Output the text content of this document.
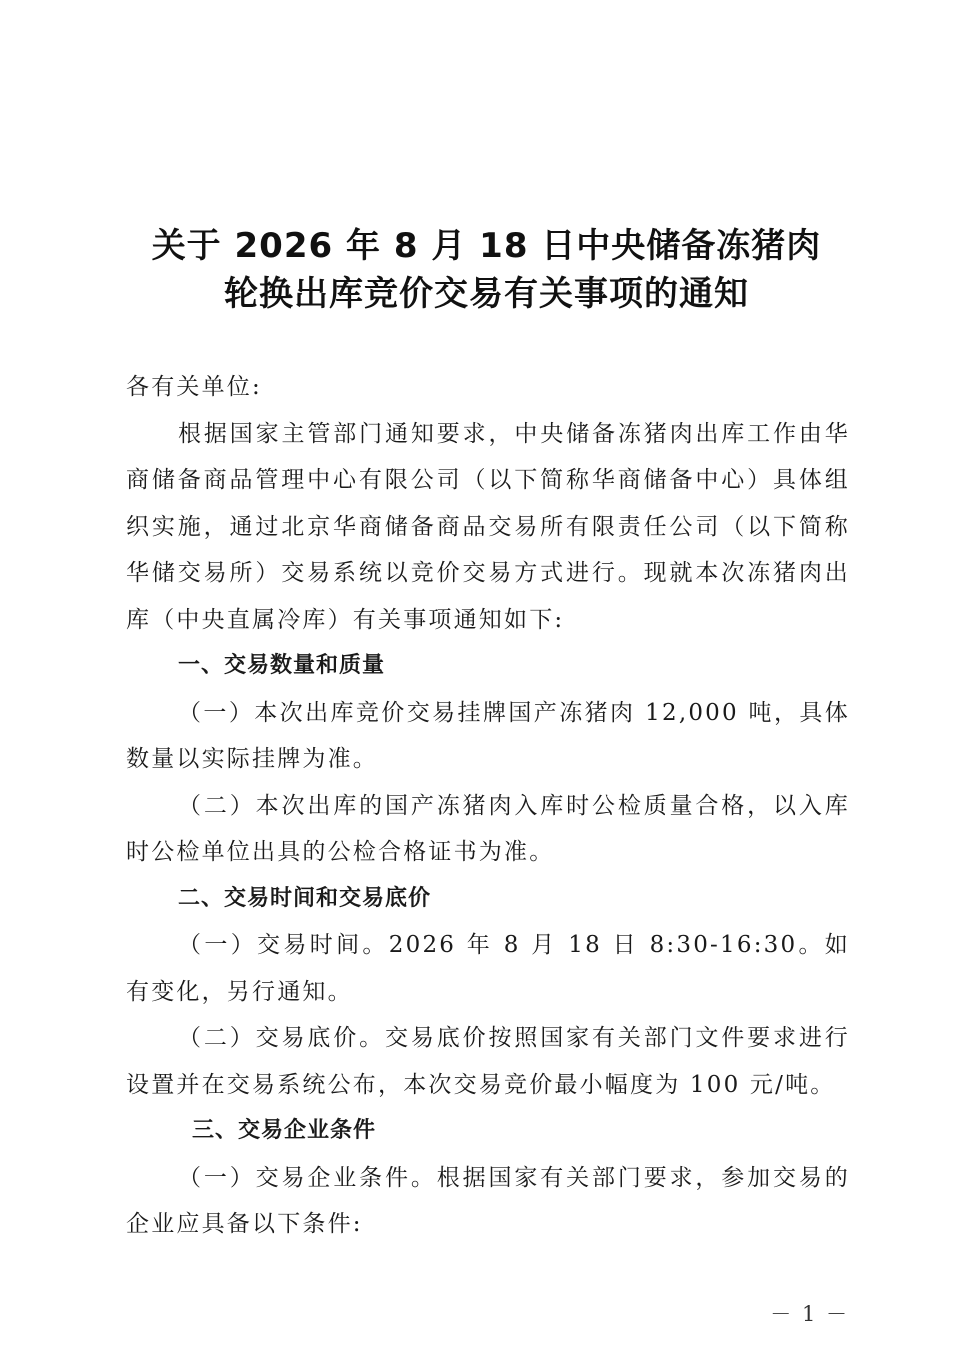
关于 2026 年 8 月 18 日中央储备冻猪肉
轮换出库竞价交易有关事项的通知

各有关单位:

根据国家主管部门通知要求，中央储备冻猪肉出库工作由华商储备商品管理中心有限公司（以下简称华商储备中心）具体组织实施，通过北京华商储备商品交易所有限责任公司（以下简称华储交易所）交易系统以竞价交易方式进行。现就本次冻猪肉出库（中央直属冷库）有关事项通知如下:

一、交易数量和质量

（一）本次出库竞价交易挂牌国产冻猪肉 12,000 吨，具体数量以实际挂牌为准。

（二）本次出库的国产冻猪肉入库时公检质量合格，以入库时公检单位出具的公检合格证书为准。

二、交易时间和交易底价

（一）交易时间。2026 年 8 月 18 日 8:30-16:30。如有变化，另行通知。

（二）交易底价。交易底价按照国家有关部门文件要求进行设置并在交易系统公布，本次交易竞价最小幅度为 100 元/吨。

三、交易企业条件

（一）交易企业条件。根据国家有关部门要求，参加交易的企业应具备以下条件:

－ 1 －
